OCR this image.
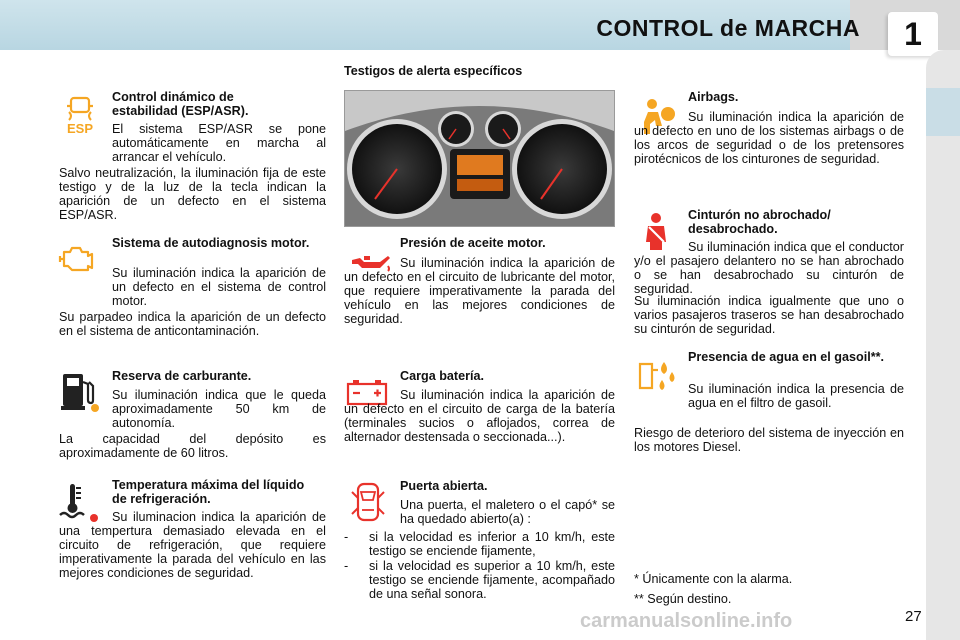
CONTROL de MARCHA	1
ESP
Control dinámico de estabilidad (ESP/ASR).
El sistema ESP/ASR se pone automáticamente en marcha al arrancar el vehículo.
Salvo neutralización, la iluminación fija de este testigo y de la luz de la tecla indican la aparición de un defecto en el sistema ESP/ASR.
Sistema de autodiagnosis motor.
Su iluminación indica la aparición de un defecto en el sistema de control motor.
Su parpadeo indica la aparición de un defecto en el sistema de anticontaminación.
Reserva de carburante.
Su iluminación indica que le queda aproximadamente 50 km de autonomía.
La capacidad del depósito es aproximadamente de 60 litros.
Temperatura máxima del líquido de refrigeración.
Su iluminacion indica la aparición de una tempertura demasiado elevada en el circuito de refrigeración, que requiere imperativamente la parada del vehículo en las mejores condiciones de seguridad.
Testigos de alerta específicos
Presión de aceite motor.
Su iluminación indica la aparición de un defecto en el circuito de lubricante del motor, que requiere imperativamente la parada del vehículo en las mejores condiciones de seguridad.
Carga batería.
Su iluminación indica la aparición de un defecto en el circuito de carga de la batería (terminales sucios o aflojados, correa de alternador destensada o seccionada...).
Puerta abierta.
Una puerta, el maletero o el capó* se ha quedado abierto(a) :
- si la velocidad es inferior a 10 km/h, este testigo se enciende fijamente,
- si la velocidad es superior a 10 km/h, este testigo se enciende fijamente, acompañado de una señal sonora.
Airbags.
Su iluminación indica la aparición de un defecto en uno de los sistemas airbags o de los arcos de seguridad o de los pretensores pirotécnicos de los cinturones de seguridad.
Cinturón no abrochado/ desabrochado.
Su iluminación indica que el conductor y/o el pasajero delantero no se han abrochado o se han desabrochado su cinturón de seguridad.
Su iluminación indica igualmente que uno o varios pasajeros traseros se han desabrochado su cinturón de seguridad.
Presencia de agua en el gasoil**.
Su iluminación indica la presencia de agua en el filtro de gasoil.
Riesgo de deterioro del sistema de inyección en los motores Diesel.
* Únicamente con la alarma.
** Según destino.
carmanualsonline.info	27
